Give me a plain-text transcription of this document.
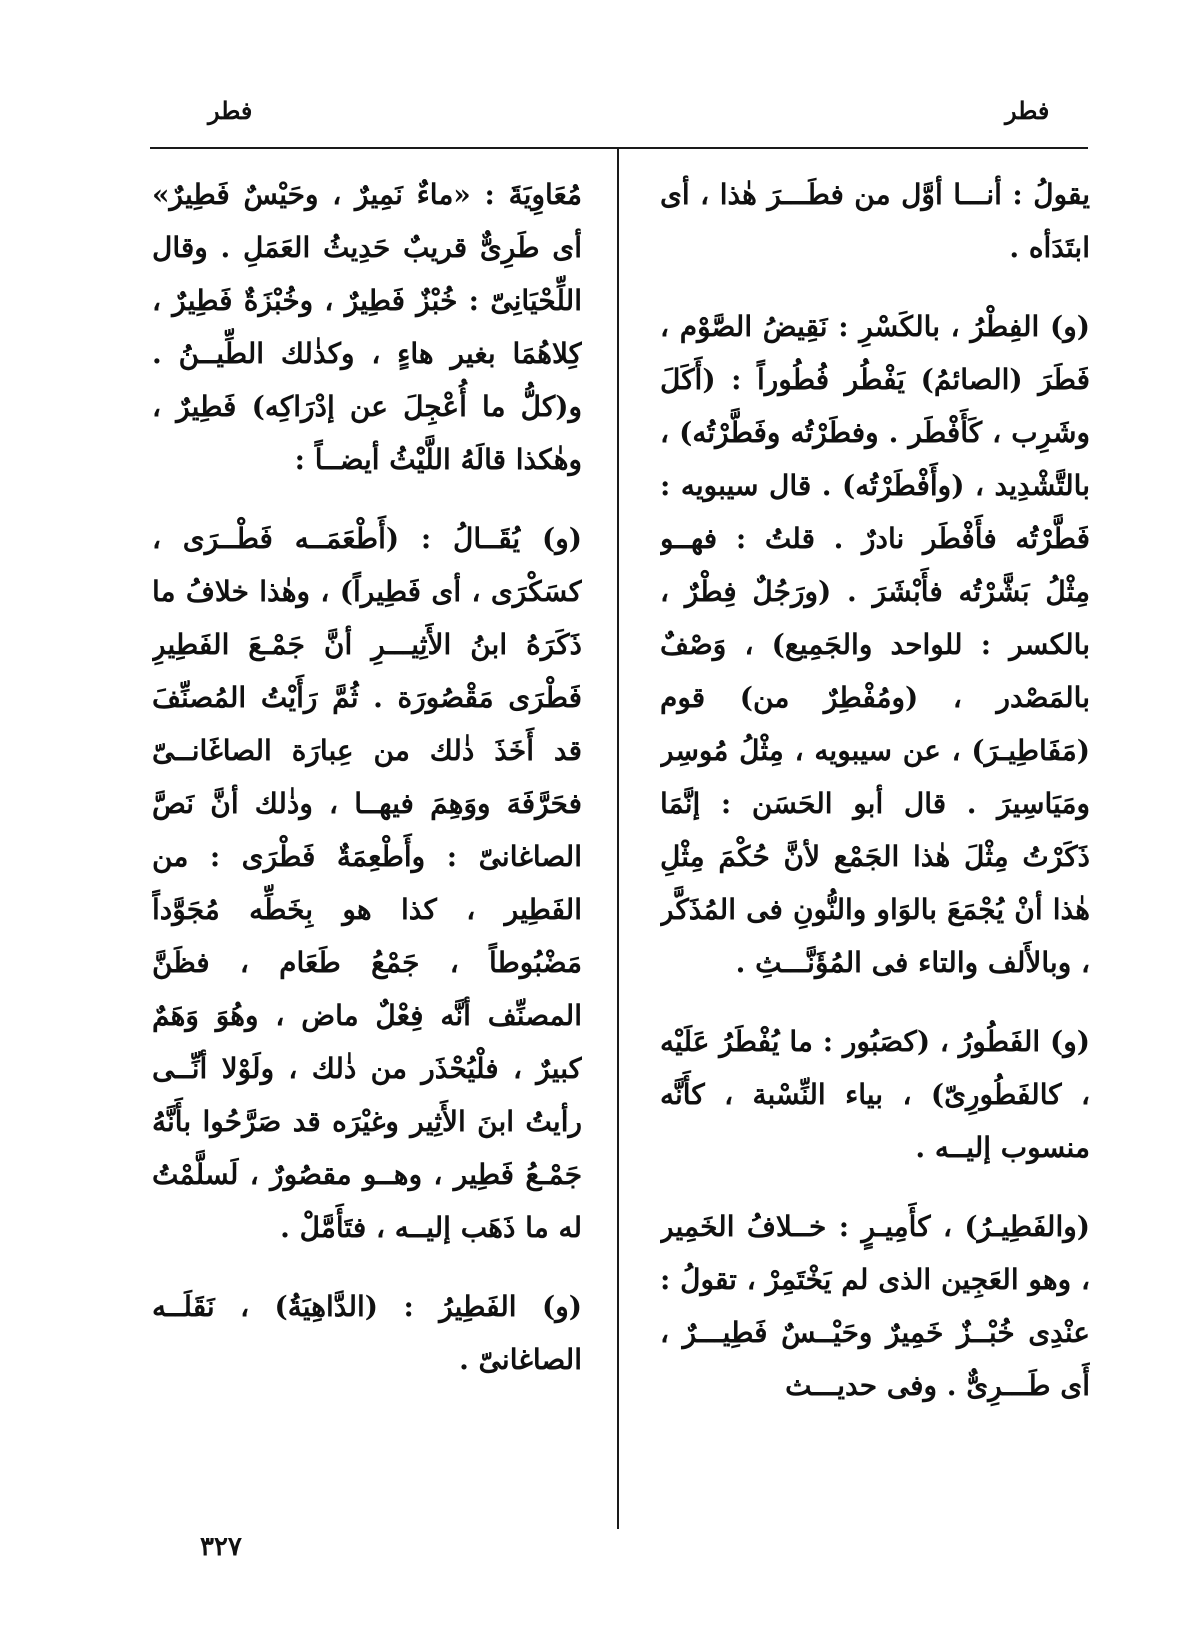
فطر
فطر

يقولُ : أنـــا أوَّل من فطَـــرَ هٰذا ، أى ابتَدَأه .

(و) الفِطْرُ ، بالكَسْرِ : نَقِيضُ الصَّوْم ، فَطَرَ (الصائمُ) يَفْطُر فُطُوراً : (أَكَلَ وشَرِب ، كَأَفْطَر . وفطَرْتُه وفَطَّرْتُه) ، بالتَّشْدِيد ، (وأَفْطَرْتُه) . قال سيبويه : فَطَّرْتُه فأَفْطَر نادرٌ . قلتُ : فهــو مِثْلُ بَشَّرْتُه فأَبْشَرَ . (ورَجُلٌ فِطْرٌ ، بالكسر : للواحد والجَمِيع) ، وَصْفٌ بالمَصْدر ، (ومُفْطِرٌ من) قوم (مَفَاطِيـرَ) ، عن سيبويه ، مِثْلُ مُوسِر ومَيَاسِيرَ . قال أبو الحَسَن : إنَّمَا ذَكَرْتُ مِثْلَ هٰذا الجَمْع لأنَّ حُكْمَ مِثْلِ هٰذا أنْ يُجْمَعَ بالوَاو والنُّونِ فى المُذَكَّر ، وبالأَلف والتاء فى المُؤَنَّـــثِ .

(و) الفَطُورُ ، (كصَبُور : ما يُفْطَرُ عَلَيْه ، كالفَطُورِىّ) ، بياء النِّسْبة ، كأَنَّه منسوب إليــه .

(والفَطِيـرُ) ، كأَمِيـرٍ : خــلافُ الخَمِير ، وهو العَجِين الذى لم يَخْتَمِرْ ، تقولُ : عنْدِى خُبْــزٌ خَمِيرٌ وحَيْــسٌ فَطِيـــرٌ ، أَى طَـــرِىٌّ . وفى حديـــث

مُعَاوِيَةَ : «ماءٌ نَمِيرٌ ، وحَيْسٌ فَطِيرٌ» أى طَرِىٌّ قريبٌ حَدِيثُ العَمَلِ . وقال اللِّحْيَانِىّ : خُبْزٌ فَطِيرٌ ، وخُبْزَةٌ فَطِيرٌ ، كِلاهُمَا بغير هاءٍ ، وكذٰلك الطِّيــنُ . و(كلُّ ما أُعْجِلَ عن إدْرَاكِه) فَطِيرٌ ، وهٰكذا قالَهُ اللَّيْثُ أيضــاً :

(و) يُقَــالُ : (أَطْعَمَــه فَطْــرَى ، كسَكْرَى ، أى فَطِيراً) ، وهٰذا خلافُ ما ذَكَرَهُ ابنُ الأَثِيـــرِ أنَّ جَمْـعَ الفَطِيرِ فَطْرَى مَقْصُورَة . ثُمَّ رَأَيْتُ المُصنِّفَ قد أَخَذَ ذٰلك من عِبارَة الصاغَانــىّ فحَرَّفَهَ ووَهِمَ فيهــا ، وذٰلك أنَّ نَصَّ الصاغانىّ : وأَطْعِمَةٌ فَطْرَى : من الفَطِير ، كذا هو بِخَطِّه مُجَوَّداً مَضْبُوطاً ، جَمْعُ طَعَام ، فظَنَّ المصنِّف أنَّه فِعْلٌ ماض ، وهُوَ وَهَمٌ كبيرٌ ، فلْيُحْذَر من ذٰلك ، ولَوْلا أنِّــى رأيتُ ابنَ الأَثِير وغيْرَه قد صَرَّحُوا بأَنَّهُ جَمْـعُ فَطِير ، وهــو مقصُورٌ ، لَسلَّمْتُ له ما ذَهَب إليــه ، فتَأَمَّلْ .

(و) الفَطِيرُ : (الدَّاهِيَةُ) ، نَقَلَــه الصاغانىّ .

٣٢٧
